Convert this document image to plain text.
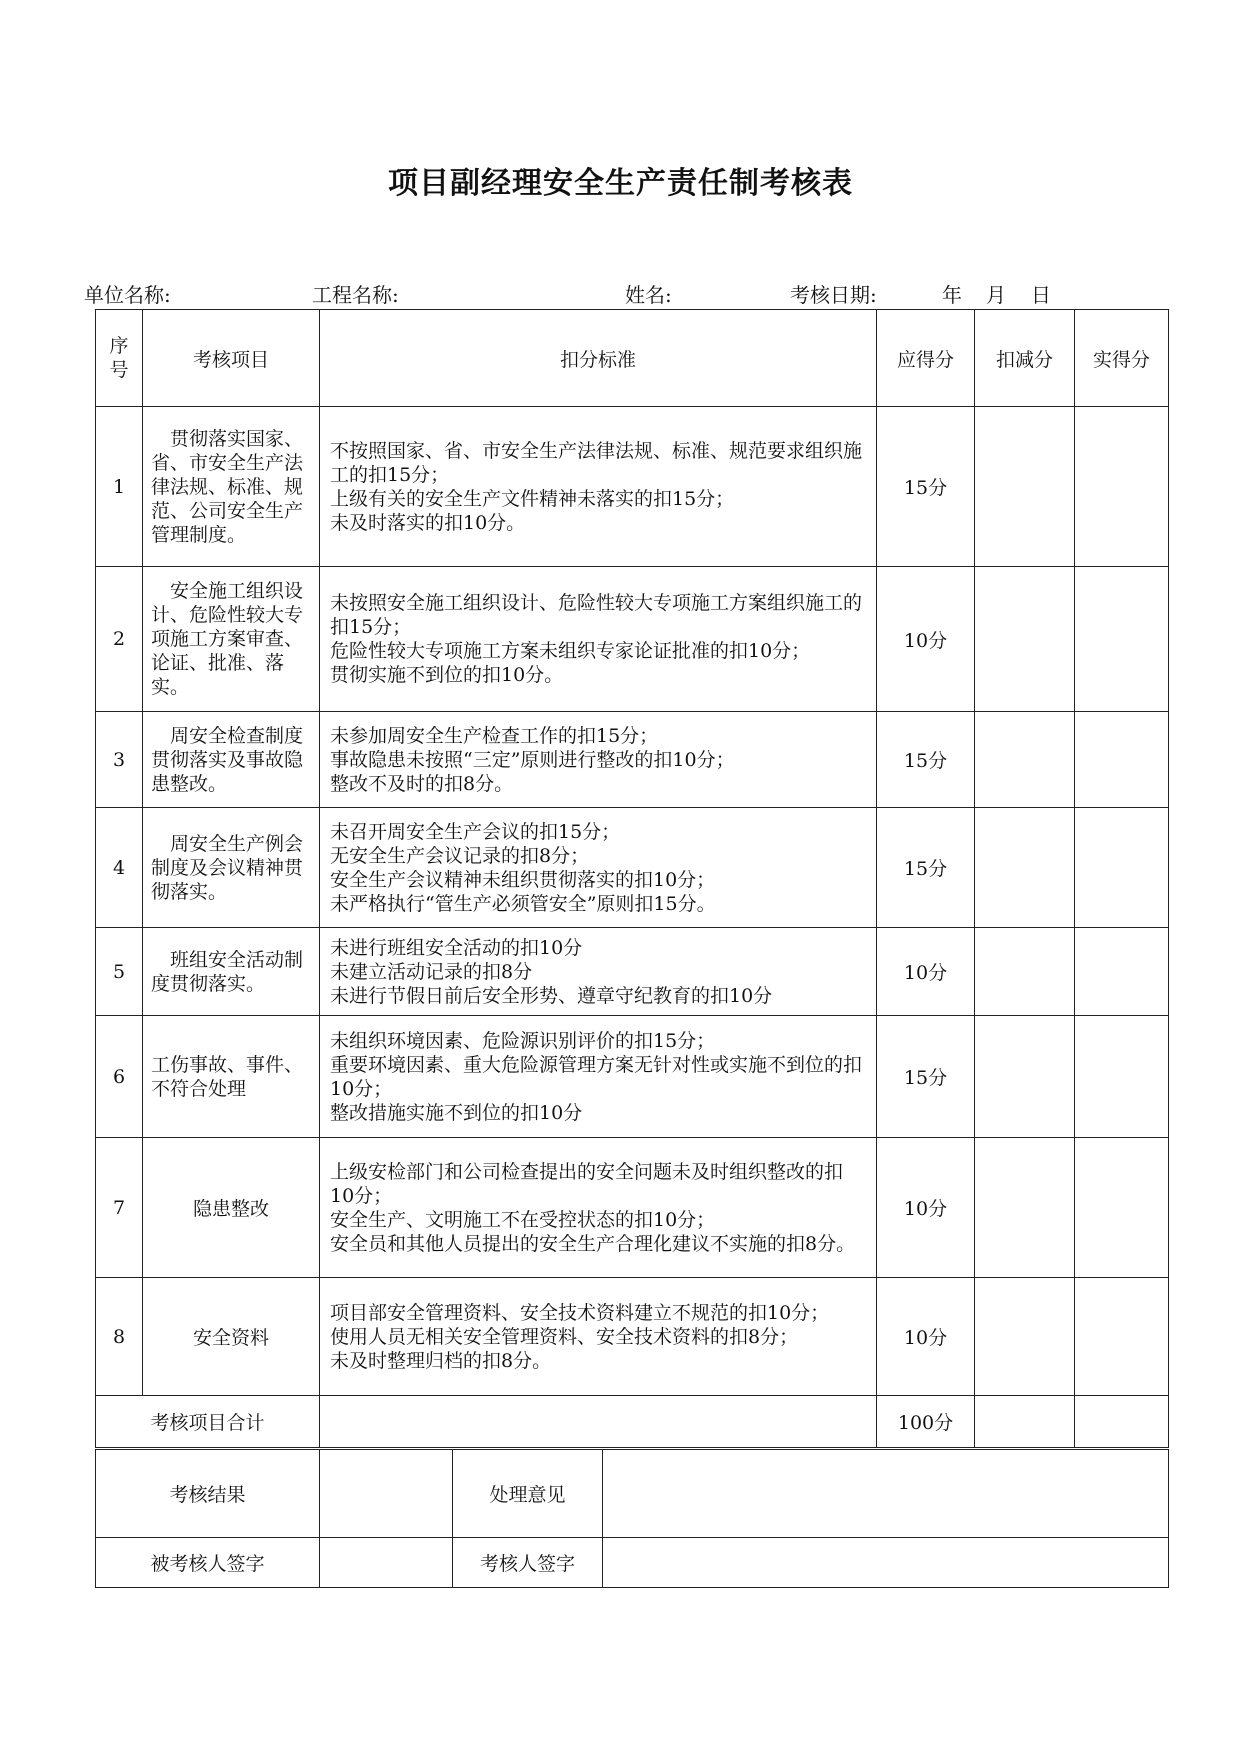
项目副经理安全生产责任制考核表
单位名称:	工程名称:	姓名:	考核日期:	年 月 日
序号	考核项目	扣分标准	应得分	扣减分	实得分
1	　贯彻落实国家、省、市安全生产法律法规、标准、规范、公司安全生产管理制度。	不按照国家、省、市安全生产法律法规、标准、规范要求组织施工的扣15分；
上级有关的安全生产文件精神未落实的扣15分；
未及时落实的扣10分。	15分		
2	　安全施工组织设计、危险性较大专项施工方案审查、论证、批准、落实。	未按照安全施工组织设计、危险性较大专项施工方案组织施工的扣15分；
危险性较大专项施工方案未组织专家论证批准的扣10分；
贯彻实施不到位的扣10分。	10分		
3	　周安全检查制度贯彻落实及事故隐患整改。	未参加周安全生产检查工作的扣15分；
事故隐患未按照“三定”原则进行整改的扣10分；
整改不及时的扣8分。	15分		
4	　周安全生产例会制度及会议精神贯彻落实。	未召开周安全生产会议的扣15分；
无安全生产会议记录的扣8分；
安全生产会议精神未组织贯彻落实的扣10分；
未严格执行“管生产必须管安全”原则扣15分。	15分		
5	　班组安全活动制度贯彻落实。	未进行班组安全活动的扣10分
未建立活动记录的扣8分
未进行节假日前后安全形势、遵章守纪教育的扣10分	10分		
6	工伤事故、事件、不符合处理	未组织环境因素、危险源识别评价的扣15分；
重要环境因素、重大危险源管理方案无针对性或实施不到位的扣10分；
整改措施实施不到位的扣10分	15分		
7	隐患整改	上级安检部门和公司检查提出的安全问题未及时组织整改的扣10分；
安全生产、文明施工不在受控状态的扣10分；
安全员和其他人员提出的安全生产合理化建议不实施的扣8分。	10分		
8	安全资料	项目部安全管理资料、安全技术资料建立不规范的扣10分；
使用人员无相关安全管理资料、安全技术资料的扣8分；
未及时整理归档的扣8分。	10分		
考核项目合计			100分		
考核结果		处理意见	
被考核人签字		考核人签字	
